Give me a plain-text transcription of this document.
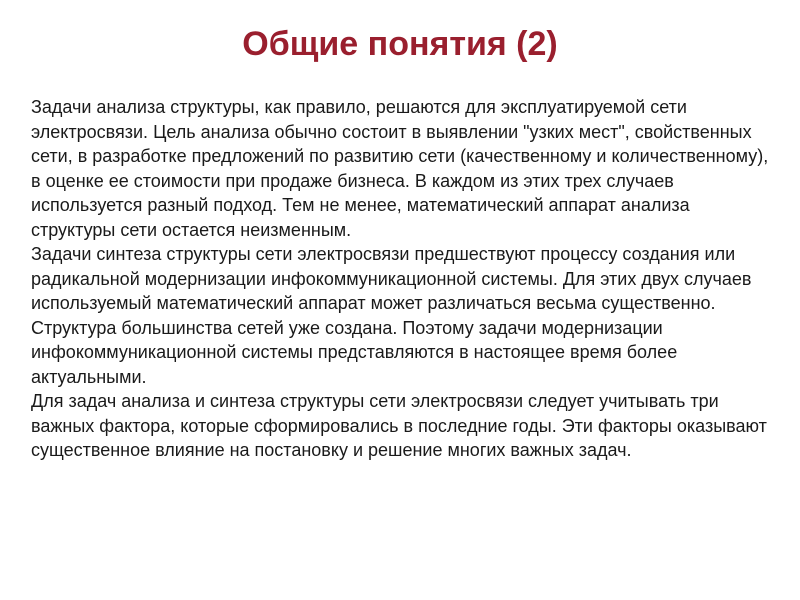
Общие понятия (2)

Задачи анализа структуры, как правило, решаются для эксплуатируемой сети электросвязи. Цель анализа обычно состоит в выявлении "узких мест", свойственных сети, в разработке предложений по развитию сети (качественному и количественному), в оценке ее стоимости при продаже бизнеса. В каждом из этих трех случаев используется разный подход. Тем не менее, математический аппарат анализа структуры сети остается неизменным.

Задачи синтеза структуры сети электросвязи предшествуют процессу создания или радикальной модернизации инфокоммуникационной системы. Для этих двух случаев используемый математический аппарат может различаться весьма существенно. Структура большинства сетей уже создана. Поэтому задачи модернизации инфокоммуникационной системы представляются в настоящее время более актуальными.

Для задач анализа и синтеза структуры сети электросвязи следует учитывать три важных фактора, которые сформировались в последние годы. Эти факторы оказывают существенное влияние на постановку и решение многих важных задач.
